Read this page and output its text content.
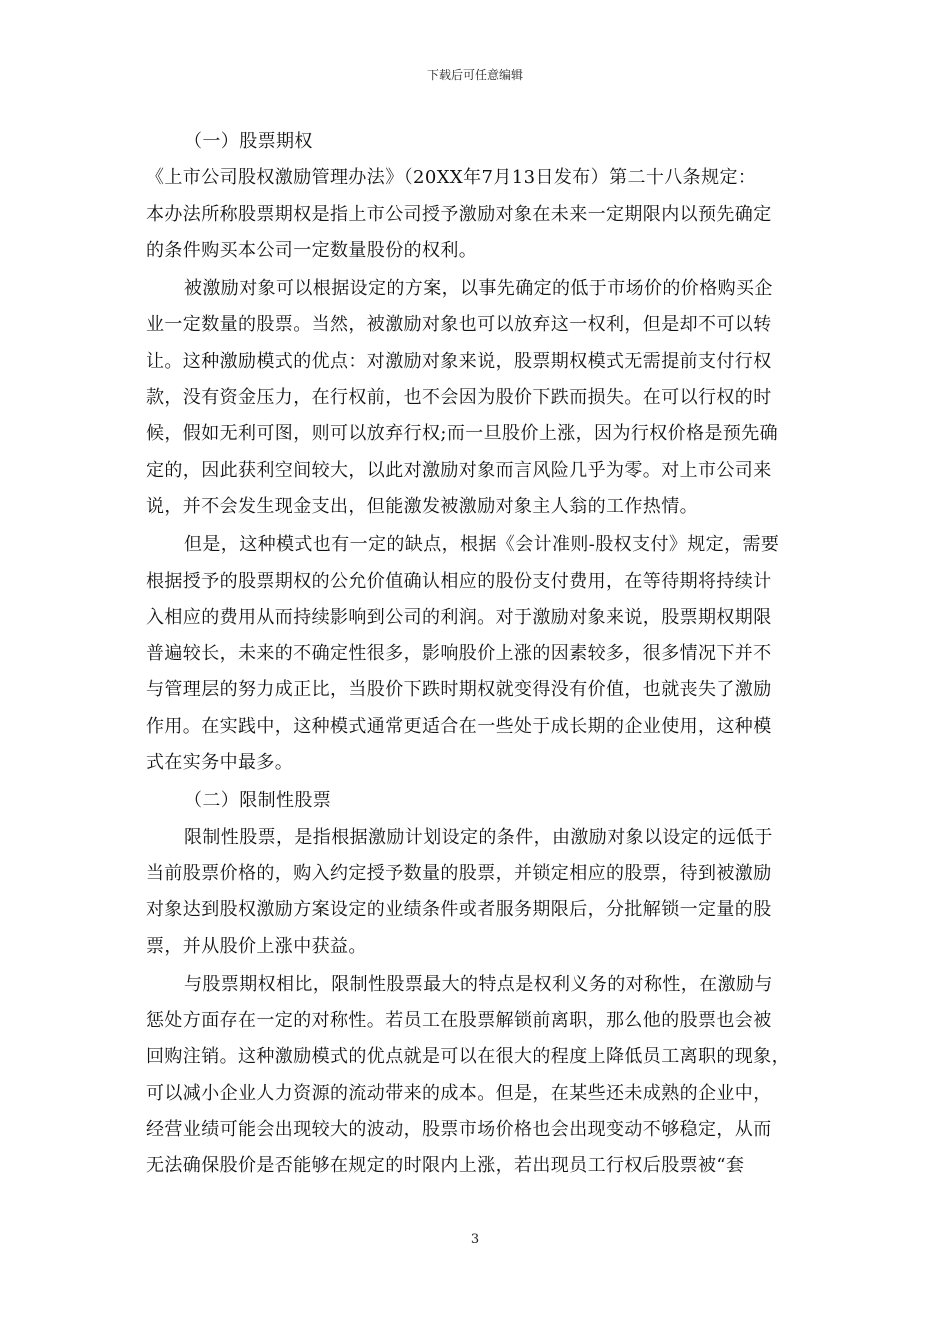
下载后可任意编辑
（一）股票期权
《上市公司股权激励管理办法》（20XX年7月13日发布）第二十八条规定：
本办法所称股票期权是指上市公司授予激励对象在未来一定期限内以预先确定
的条件购买本公司一定数量股份的权利。
被激励对象可以根据设定的方案，以事先确定的低于市场价的价格购买企
业一定数量的股票。当然，被激励对象也可以放弃这一权利，但是却不可以转
让。这种激励模式的优点：对激励对象来说，股票期权模式无需提前支付行权
款，没有资金压力，在行权前，也不会因为股价下跌而损失。在可以行权的时
候，假如无利可图，则可以放弃行权;而一旦股价上涨，因为行权价格是预先确
定的，因此获利空间较大，以此对激励对象而言风险几乎为零。对上市公司来
说，并不会发生现金支出，但能激发被激励对象主人翁的工作热情。
但是，这种模式也有一定的缺点，根据《会计准则-股权支付》规定，需要
根据授予的股票期权的公允价值确认相应的股份支付费用，在等待期将持续计
入相应的费用从而持续影响到公司的利润。对于激励对象来说，股票期权期限
普遍较长，未来的不确定性很多，影响股价上涨的因素较多，很多情况下并不
与管理层的努力成正比，当股价下跌时期权就变得没有价值，也就丧失了激励
作用。在实践中，这种模式通常更适合在一些处于成长期的企业使用，这种模
式在实务中最多。
（二）限制性股票
限制性股票，是指根据激励计划设定的条件，由激励对象以设定的远低于
当前股票价格的，购入约定授予数量的股票，并锁定相应的股票，待到被激励
对象达到股权激励方案设定的业绩条件或者服务期限后，分批解锁一定量的股
票，并从股价上涨中获益。
与股票期权相比，限制性股票最大的特点是权利义务的对称性，在激励与
惩处方面存在一定的对称性。若员工在股票解锁前离职，那么他的股票也会被
回购注销。这种激励模式的优点就是可以在很大的程度上降低员工离职的现象，
可以减小企业人力资源的流动带来的成本。但是，在某些还未成熟的企业中，
经营业绩可能会出现较大的波动，股票市场价格也会出现变动不够稳定，从而
无法确保股价是否能够在规定的时限内上涨，若出现员工行权后股票被“套
3
